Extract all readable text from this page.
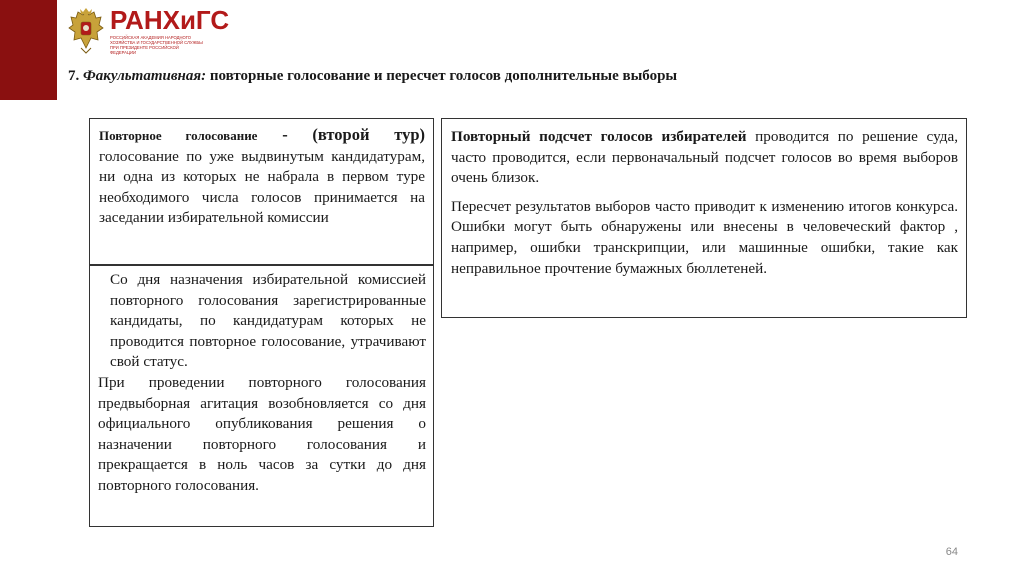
РАНХиГС
РОССИЙСКАЯ АКАДЕМИЯ НАРОДНОГО ХОЗЯЙСТВА И ГОСУДАРСТВЕННОЙ СЛУЖБЫ ПРИ ПРЕЗИДЕНТЕ РОССИЙСКОЙ ФЕДЕРАЦИИ
7. Факультативная: повторные голосование и пересчет голосов дополнительные выборы
Повторное голосование - (второй тур) голосование по уже выдвинутым кандидатурам, ни одна из которых не набрала в первом туре необходимого числа голосов принимается на заседании избирательной комиссии

Со дня назначения избирательной комиссией повторного голосования зарегистрированные кандидаты, по кандидатурам которых не проводится повторное голосование, утрачивают свой статус.

При проведении повторного голосования предвыборная агитация возобновляется со дня официального опубликования решения о назначении повторного голосования и прекращается в ноль часов за сутки до дня повторного голосования.

Повторный подсчет голосов избирателей проводится по решение суда, часто проводится, если первоначальный подсчет голосов во время выборов очень близок.

Пересчет результатов выборов часто приводит к изменению итогов конкурса. Ошибки могут быть обнаружены или внесены в человеческий фактор , например, ошибки транскрипции, или машинные ошибки, такие как неправильное прочтение бумажных бюллетеней.

64
